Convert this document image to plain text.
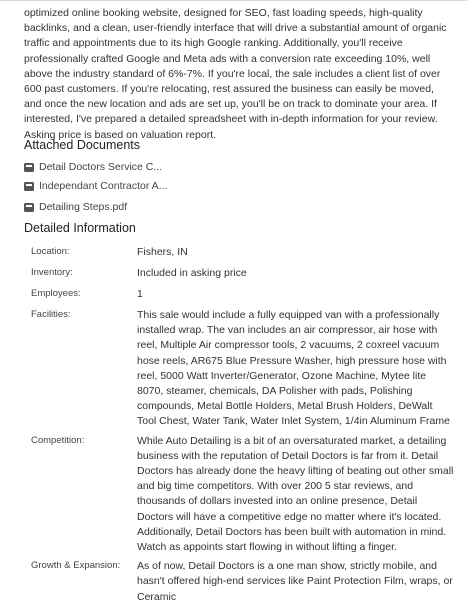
optimized online booking website, designed for SEO, fast loading speeds, high-quality backlinks, and a clean, user-friendly interface that will drive a substantial amount of organic traffic and appointments due to its high Google ranking. Additionally, you'll receive professionally crafted Google and Meta ads with a conversion rate exceeding 10%, well above the industry standard of 6%-7%. If you're local, the sale includes a client list of over 600 past customers. If you're relocating, rest assured the business can easily be moved, and once the new location and ads are set up, you'll be on track to dominate your area. If interested, I've prepared a detailed spreadsheet with in-depth information for your review. Asking price is based on valuation report.

Attached Documents
Detail Doctors Service C...
Independant Contractor A...
Detailing Steps.pdf
Detailed Information
Location:	Fishers, IN
Inventory:	Included in asking price
Employees:	1
Facilities:	This sale would include a fully equipped van with a professionally installed wrap. The van includes an air compressor, air hose with reel, Multiple Air compressor tools, 2 vacuums, 2 coxreel vacuum hose reels, AR675 Blue Pressure Washer, high pressure hose with reel, 5000 Watt Inverter/Generator, Ozone Machine, Mytee lite 8070, steamer, chemicals, DA Polisher with pads, Polishing compounds, Metal Bottle Holders, Metal Brush Holders, DeWalt Tool Chest, Water Tank, Water Inlet System, 1/4in Aluminum Frame
Competition:	While Auto Detailing is a bit of an oversaturated market, a detailing business with the reputation of Detail Doctors is far from it. Detail Doctors has already done the heavy lifting of beating out other small and big time competitors. With over 200 5 star reviews, and thousands of dollars invested into an online presence, Detail Doctors will have a competitive edge no matter where it's located. Additionally, Detail Doctors has been built with automation in mind. Watch as appoints start flowing in without lifting a finger.
Growth & Expansion:	As of now, Detail Doctors is a one man show, strictly mobile, and hasn't offered high-end services like Paint Protection Film, wraps, or Ceramic
